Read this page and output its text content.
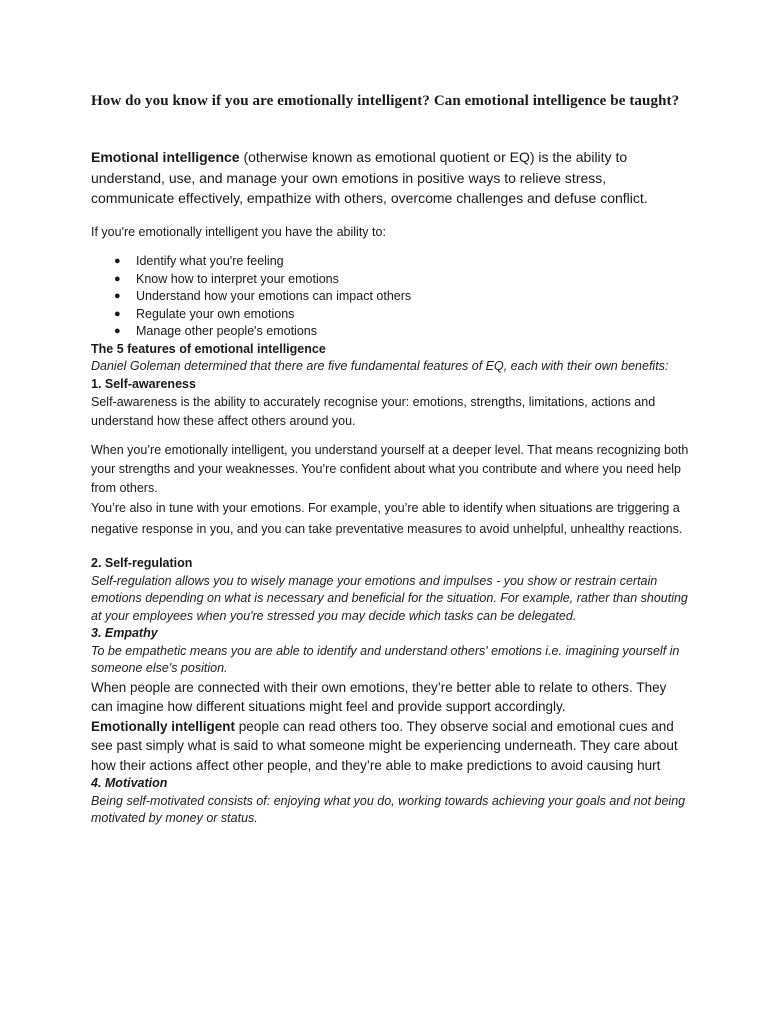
How do you know if you are emotionally intelligent? Can emotional intelligence be taught?

Emotional intelligence (otherwise known as emotional quotient or EQ) is the ability to understand, use, and manage your own emotions in positive ways to relieve stress, communicate effectively, empathize with others, overcome challenges and defuse conflict.

If you're emotionally intelligent you have the ability to:

● Identify what you're feeling
● Know how to interpret your emotions
● Understand how your emotions can impact others
● Regulate your own emotions
● Manage other people's emotions

The 5 features of emotional intelligence

Daniel Goleman determined that there are five fundamental features of EQ, each with their own benefits:

1. Self-awareness

Self-awareness is the ability to accurately recognise your: emotions, strengths, limitations, actions and understand how these affect others around you.

When you’re emotionally intelligent, you understand yourself at a deeper level. That means recognizing both your strengths and your weaknesses. You’re confident about what you contribute and where you need help from others.

You’re also in tune with your emotions. For example, you’re able to identify when situations are triggering a negative response in you, and you can take preventative measures to avoid unhelpful, unhealthy reactions.

2. Self-regulation

Self-regulation allows you to wisely manage your emotions and impulses - you show or restrain certain emotions depending on what is necessary and beneficial for the situation. For example, rather than shouting at your employees when you're stressed you may decide which tasks can be delegated.

3. Empathy

To be empathetic means you are able to identify and understand others' emotions i.e. imagining yourself in someone else's position.

When people are connected with their own emotions, they’re better able to relate to others. They can imagine how different situations might feel and provide support accordingly.

Emotionally intelligent people can read others too. They observe social and emotional cues and see past simply what is said to what someone might be experiencing underneath. They care about how their actions affect other people, and they’re able to make predictions to avoid causing hurt

4. Motivation

Being self-motivated consists of: enjoying what you do, working towards achieving your goals and not being motivated by money or status.
